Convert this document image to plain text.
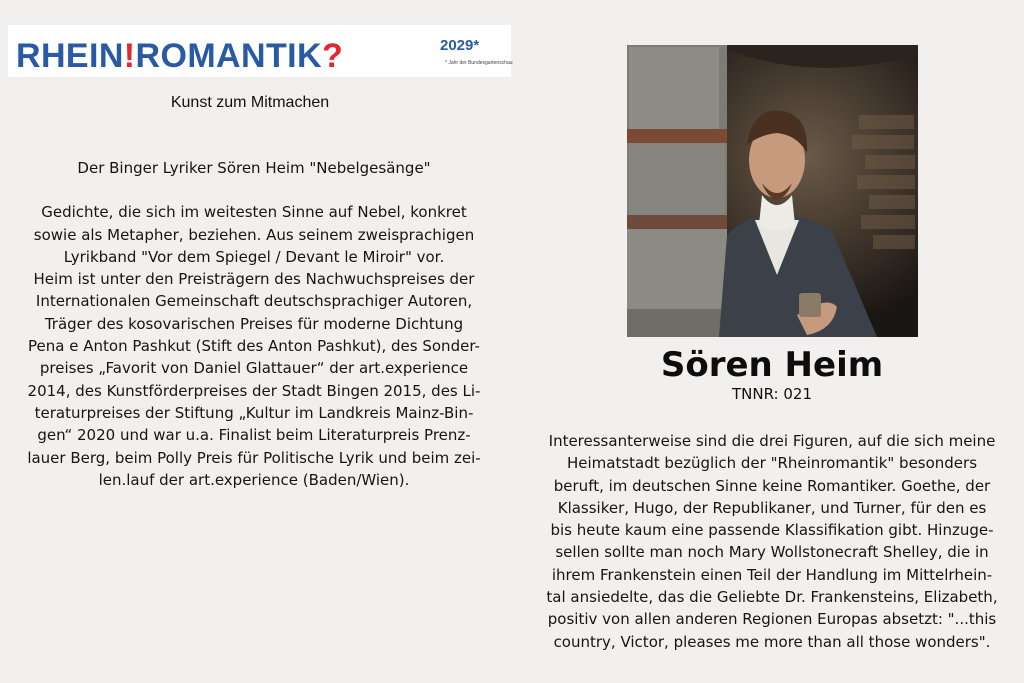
RHEIN!ROMANTIK?	2029*
* Jahr der Bundesgartenschau
Kunst zum Mitmachen

Der Binger Lyriker Sören Heim "Nebelgesänge"

Gedichte, die sich im weitesten Sinne auf Nebel, konkret

sowie als Metapher, beziehen. Aus seinem zweisprachigen

Lyrikband "Vor dem Spiegel / Devant le Miroir" vor.

Heim ist unter den Preisträgern des Nachwuchspreises der

Internationalen Gemeinschaft deutschsprachiger Autoren,

Träger des kosovarischen Preises für moderne Dichtung

Pena e Anton Pashkut (Stift des Anton Pashkut), des Sonder-

preises „Favorit von Daniel Glattauer“ der art.experience

2014, des Kunstförderpreises der Stadt Bingen 2015, des Li-

teraturpreises der Stiftung „Kultur im Landkreis Mainz-Bin-

gen“ 2020 und war u.a. Finalist beim Literaturpreis Prenz-

lauer Berg, beim Polly Preis für Politische Lyrik und beim zei-

len.lauf der art.experience (Baden/Wien).

Sören Heim
TNNR: 021

Interessanterweise sind die drei Figuren, auf die sich meine

Heimatstadt bezüglich der "Rheinromantik" besonders

beruft, im deutschen Sinne keine Romantiker. Goethe, der

Klassiker, Hugo, der Republikaner, und Turner, für den es

bis heute kaum eine passende Klassifikation gibt. Hinzuge-

sellen sollte man noch Mary Wollstonecraft Shelley, die in

ihrem Frankenstein einen Teil der Handlung im Mittelrhein-

tal ansiedelte, das die Geliebte Dr. Frankensteins, Elizabeth,

positiv von allen anderen Regionen Europas absetzt: "...this

country, Victor, pleases me more than all those wonders".
